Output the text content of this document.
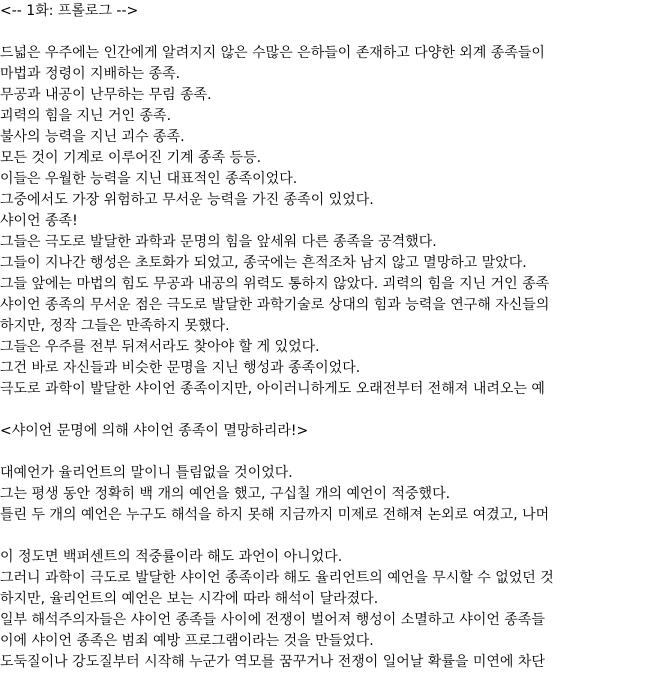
<-- 1화: 프롤로그 -->
드넓은 우주에는 인간에게 알려지지 않은 수많은 은하들이 존재하고 다양한 외계 종족들이
마법과 정령이 지배하는 종족.
무공과 내공이 난무하는 무림 종족.
괴력의 힘을 지닌 거인 종족.
불사의 능력을 지닌 괴수 종족.
모든 것이 기계로 이루어진 기계 종족 등등.
이들은 우월한 능력을 지닌 대표적인 종족이었다.
그중에서도 가장 위험하고 무서운 능력을 가진 종족이 있었다.
샤이언 종족!
그들은 극도로 발달한 과학과 문명의 힘을 앞세워 다른 종족을 공격했다.
그들이 지나간 행성은 초토화가 되었고, 종국에는 흔적조차 남지 않고 멸망하고 말았다.
그들 앞에는 마법의 힘도 무공과 내공의 위력도 통하지 않았다. 괴력의 힘을 지닌 거인 종족
샤이언 종족의 무서운 점은 극도로 발달한 과학기술로 상대의 힘과 능력을 연구해 자신들의
하지만, 정작 그들은 만족하지 못했다.
그들은 우주를 전부 뒤져서라도 찾아야 할 게 있었다.
그건 바로 자신들과 비슷한 문명을 지닌 행성과 종족이었다.
극도로 과학이 발달한 샤이언 종족이지만, 아이러니하게도 오래전부터 전해져 내려오는 예
<샤이언 문명에 의해 샤이언 종족이 멸망하리라!>
대예언가 율리언트의 말이니 틀림없을 것이었다.
그는 평생 동안 정확히 백 개의 예언을 했고, 구십칠 개의 예언이 적중했다.
틀린 두 개의 예언은 누구도 해석을 하지 못해 지금까지 미제로 전해져 논외로 여겼고, 나머
이 정도면 백퍼센트의 적중률이라 해도 과언이 아니었다.
그러니 과학이 극도로 발달한 샤이언 종족이라 해도 율리언트의 예언을 무시할 수 없었던 것
하지만, 율리언트의 예언은 보는 시각에 따라 해석이 달라졌다.
일부 해석주의자들은 샤이언 종족들 사이에 전쟁이 벌어져 행성이 소멸하고 샤이언 종족들
이에 샤이언 종족은 범죄 예방 프로그램이라는 것을 만들었다.
도둑질이나 강도질부터 시작해 누군가 역모를 꿈꾸거나 전쟁이 일어날 확률을 미연에 차단
